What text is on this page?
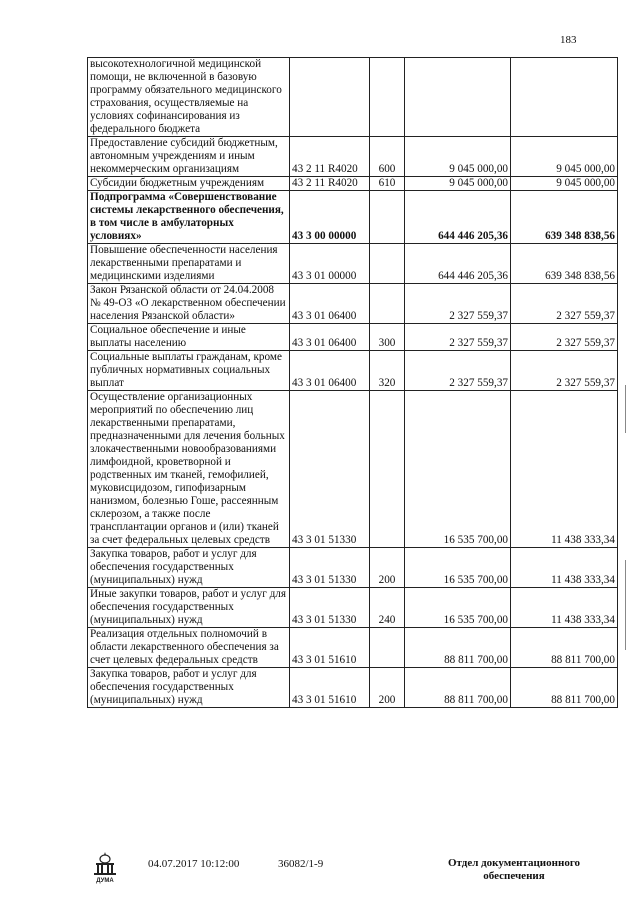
183
высокотехнологичной медицинской помощи, не включенной в базовую программу обязательного медицинского страхования, осуществляемые на условиях софинансирования из федерального бюджета				
Предоставление субсидий бюджетным, автономным учреждениям и иным некоммерческим организациям	43 2 11 R4020	600	9 045 000,00	9 045 000,00
Субсидии бюджетным учреждениям	43 2 11 R4020	610	9 045 000,00	9 045 000,00
Подпрограмма «Совершенствование системы лекарственного обеспечения, в том числе в амбулаторных условиях»	43 3 00 00000		644 446 205,36	639 348 838,56
Повышение обеспеченности населения лекарственными препаратами и медицинскими изделиями	43 3 01 00000		644 446 205,36	639 348 838,56
Закон Рязанской области от 24.04.2008 № 49-ОЗ «О лекарственном обеспечении населения Рязанской области»	43 3 01 06400		2 327 559,37	2 327 559,37
Социальное обеспечение и иные выплаты населению	43 3 01 06400	300	2 327 559,37	2 327 559,37
Социальные выплаты гражданам, кроме публичных нормативных социальных выплат	43 3 01 06400	320	2 327 559,37	2 327 559,37
Осуществление организационных мероприятий по обеспечению лиц лекарственными препаратами, предназначенными для лечения больных злокачественными новообразованиями лимфоидной, кроветворной и родственных им тканей, гемофилией, муковисцидозом, гипофизарным нанизмом, болезнью Гоше, рассеянным склерозом, а также после трансплантации органов и (или) тканей за счет федеральных целевых средств	43 3 01 51330		16 535 700,00	11 438 333,34
Закупка товаров, работ и услуг для обеспечения государственных (муниципальных) нужд	43 3 01 51330	200	16 535 700,00	11 438 333,34
Иные закупки товаров, работ и услуг для обеспечения государственных (муниципальных) нужд	43 3 01 51330	240	16 535 700,00	11 438 333,34
Реализация отдельных полномочий в области лекарственного обеспечения за счет целевых федеральных средств	43 3 01 51610		88 811 700,00	88 811 700,00
Закупка товаров, работ и услуг для обеспечения государственных (муниципальных) нужд	43 3 01 51610	200	88 811 700,00	88 811 700,00
ДУМА
04.07.2017 10:12:00	36082/1-9	Отдел документационного
обеспечения
